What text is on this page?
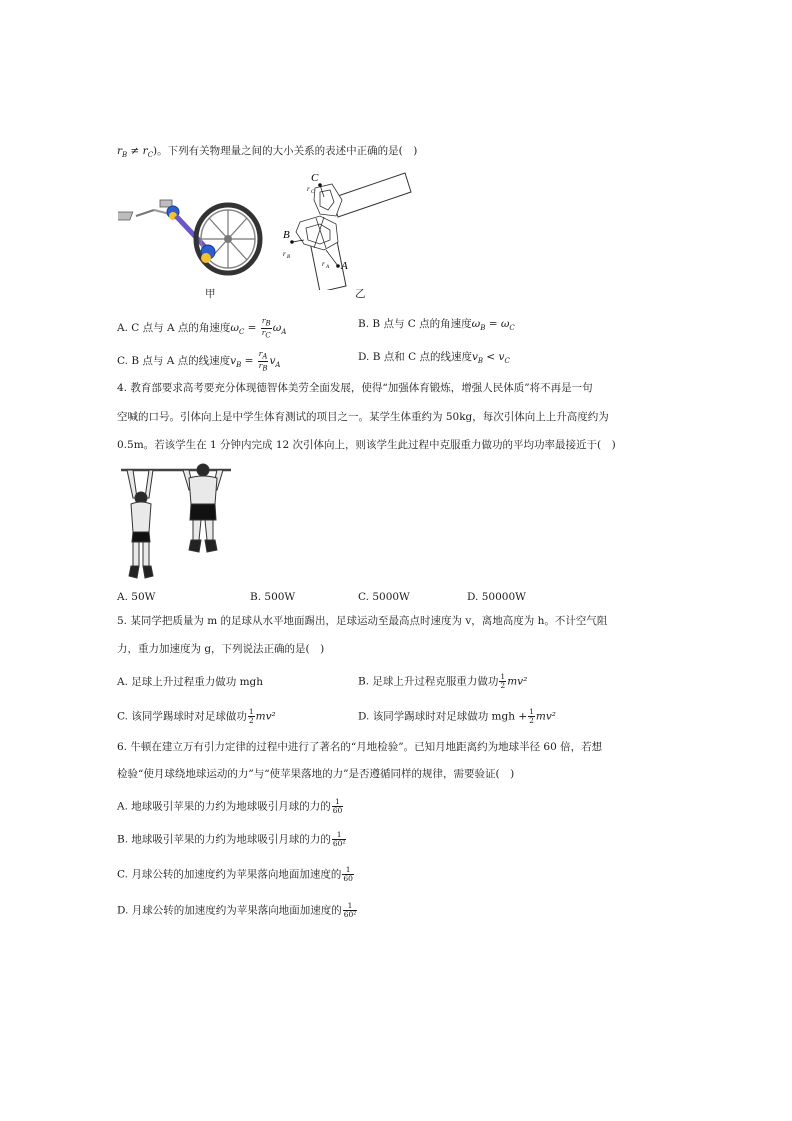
$r_B \ne r_C$)。下列有关物理量之间的大小关系的表述中正确的是(　)
甲
C
r C
B
r B
A
r A
乙
A. C 点与 A 点的角速度$\omega_C = \frac{r_B}{r_C} \omega_A$
B. B 点与 C 点的角速度$\omega_B = \omega_C$
C. B 点与 A 点的线速度$v_B = \frac{r_A}{r_B} v_A$
D. B 点和 C 点的线速度$v_B < v_C$
4. 教育部要求高考要充分体现德智体美劳全面发展，使得“加强体育锻炼，增强人民体质”将不再是一句
空喊的口号。引体向上是中学生体育测试的项目之一。某学生体重约为 50kg，每次引体向上上升高度约为
0.5m。若该学生在 1 分钟内完成 12 次引体向上，则该学生此过程中克服重力做功的平均功率最接近于(　)
A. 50W	B. 500W	C. 5000W	D. 50000W
5. 某同学把质量为 m 的足球从水平地面踢出，足球运动至最高点时速度为 v，离地高度为 h。不计空气阻
力，重力加速度为 g，下列说法正确的是(　)
A. 足球上升过程重力做功 mgh	B. 足球上升过程克服重力做功 $\frac{1}{2} mv^2$
C. 该同学踢球时对足球做功 $\frac{1}{2} mv^2$	D. 该同学踢球时对足球做功 mgh + $\frac{1}{2} mv^2$
6. 牛顿在建立万有引力定律的过程中进行了著名的“月地检验”。已知月地距离约为地球半径 60 倍，若想
检验“使月球绕地球运动的力”与“使苹果落地的力”是否遵循同样的规律，需要验证(　)
A. 地球吸引苹果的力约为地球吸引月球的力的 $\frac{1}{60}$
B. 地球吸引苹果的力约为地球吸引月球的力的 $\frac{1}{\text{60²}}$
C. 月球公转的加速度约为苹果落向地面加速度的 $\frac{1}{60}$
D. 月球公转的加速度约为苹果落向地面加速度的 $\frac{1}{\text{60²}}$
